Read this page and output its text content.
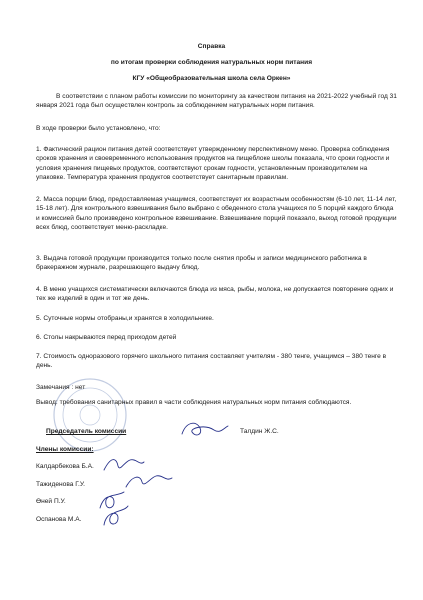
Справка
по итогам проверки соблюдения натуральных норм питания
КГУ «Общеобразовательная школа села Оркен»
В соответствии с планом работы комиссии по мониторингу за качеством питания на 2021-2022 учебный год 31 января 2021 года был осуществлен контроль за соблюдением натуральных норм питания.
В ходе проверки было установлено, что:
1. Фактический рацион питания детей соответствует утвержденному перспективному меню. Проверка соблюдения сроков хранения и своевременного использования продуктов на пищеблоке школы показала, что сроки годности и условия хранения пищевых продуктов, соответствуют срокам годности, установленным производителем на упаковке. Температура хранения продуктов соответствует санитарным правилам.
2. Масса порции блюд, предоставляемая учащимся, соответствует их возрастным особенностям (6-10 лет, 11-14 лет, 15-18 лет). Для контрольного взвешивания было выбрано с обеденного стола учащихся по 5 порций каждого блюда и комиссией было произведено контрольное взвешивание. Взвешивание порций показало, выход готовой продукции всех блюд, соответствует меню-раскладке.
3. Выдача готовой продукции производится только после снятия пробы и записи медицинского работника в бракеражном журнале, разрешающего выдачу блюд.
4. В меню учащихся систематически включаются блюда из мяса, рыбы, молока, не допускается повторение одних и тех же изделий в один и тот же день.
5. Суточные нормы отобраны,и хранятся в холодильнике.
6. Столы накрываются перед приходом детей
7. Стоимость одноразового горячего школьного питания составляет учителям - 380 тенге, учащимся – 380 тенге в день.
Замечания : нет
Вывод: требования санитарных правил в части соблюдения натуральных норм питания соблюдаются.
Председатель комиссии	Талдин Ж.С.
Члены комиссии:
Калдарбекова Б.А.
Тажиденова Г.У.
Өней П.У.
Оспанова М.А.
